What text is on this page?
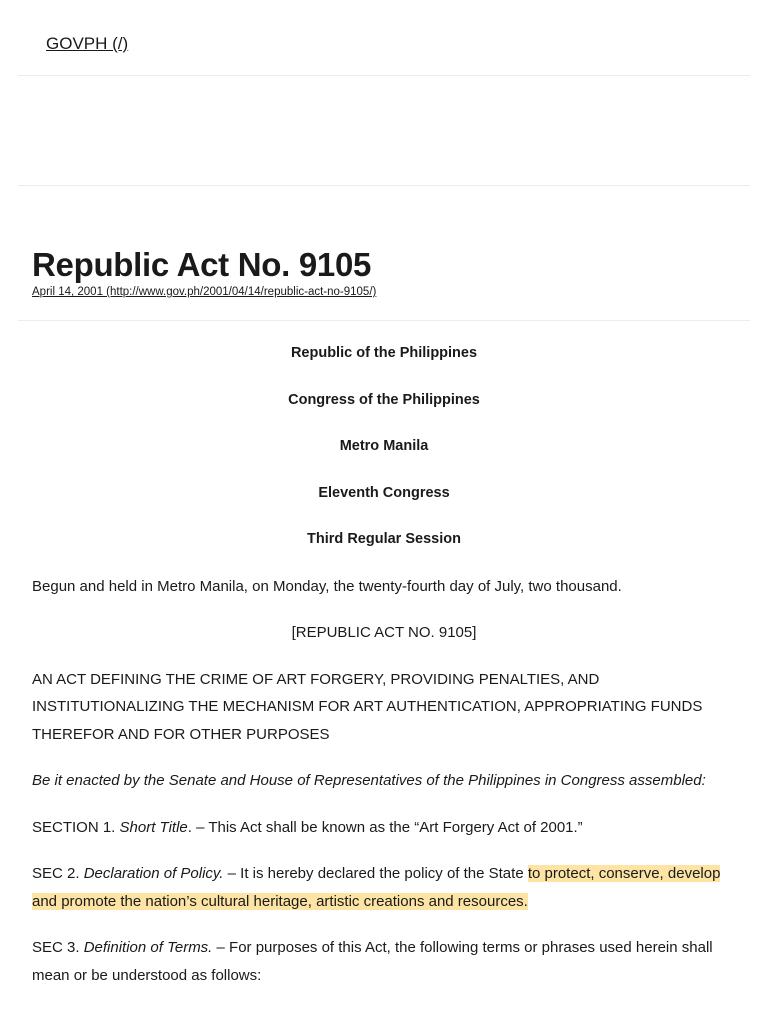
GOVPH (/)
Republic Act No. 9105
April 14, 2001 (http://www.gov.ph/2001/04/14/republic-act-no-9105/)

Republic of the Philippines

Congress of the Philippines

Metro Manila

Eleventh Congress

Third Regular Session

Begun and held in Metro Manila, on Monday, the twenty-fourth day of July, two thousand.

[REPUBLIC ACT NO. 9105]

AN ACT DEFINING THE CRIME OF ART FORGERY, PROVIDING PENALTIES, AND INSTITUTIONALIZING THE MECHANISM FOR ART AUTHENTICATION, APPROPRIATING FUNDS THEREFOR AND FOR OTHER PURPOSES

Be it enacted by the Senate and House of Representatives of the Philippines in Congress assembled:

SECTION 1. Short Title. – This Act shall be known as the “Art Forgery Act of 2001.”

SEC 2. Declaration of Policy. – It is hereby declared the policy of the State to protect, conserve, develop and promote the nation’s cultural heritage, artistic creations and resources.

SEC 3. Definition of Terms. – For purposes of this Act, the following terms or phrases used herein shall mean or be understood as follows:
